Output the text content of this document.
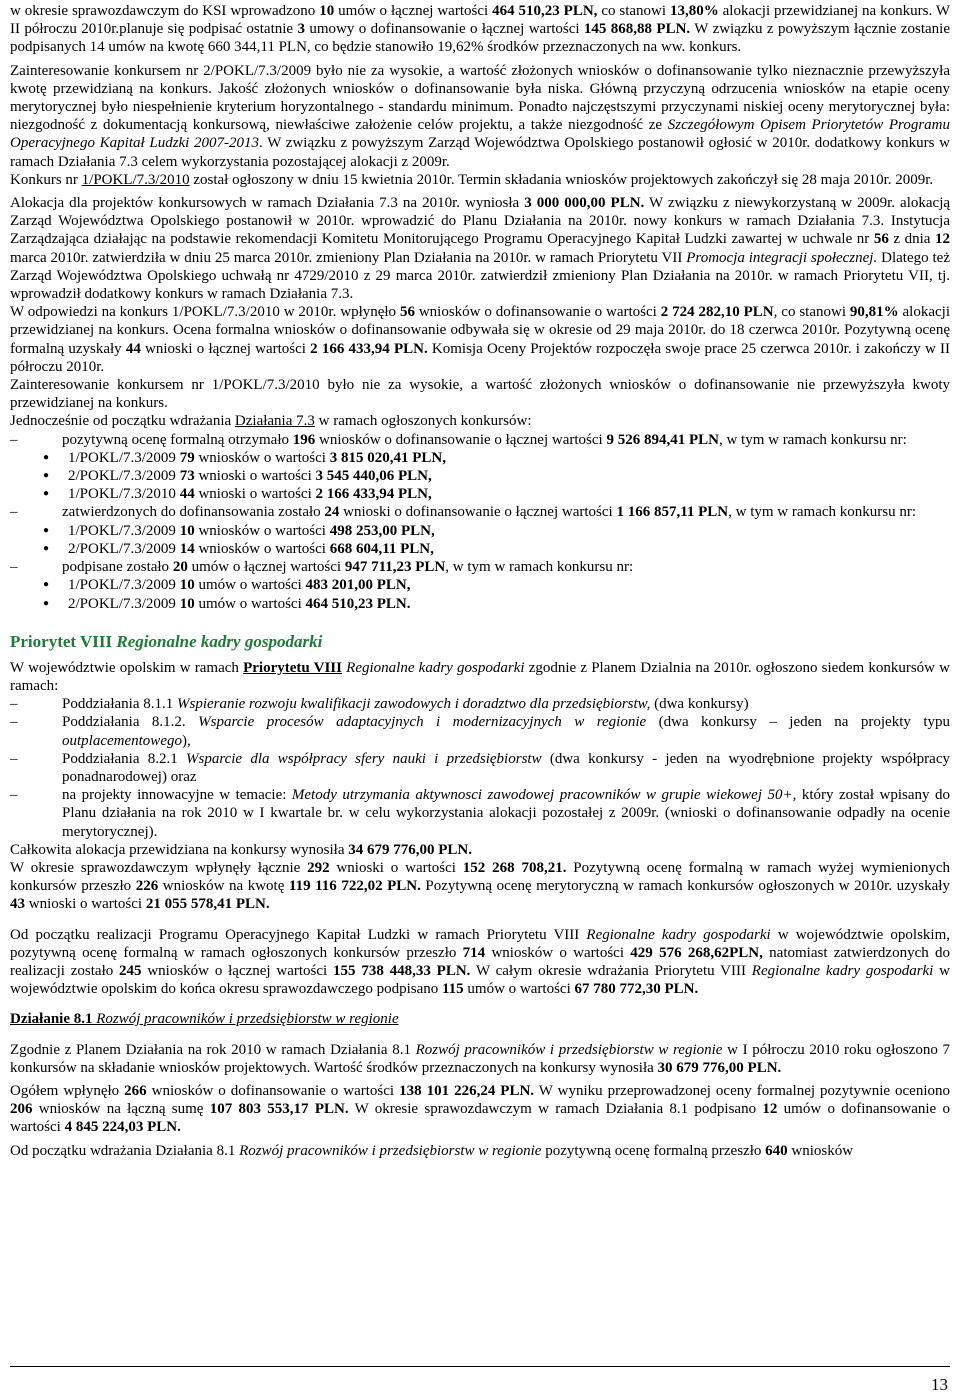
w okresie sprawozdawczym do KSI wprowadzono 10 umów o łącznej wartości 464 510,23 PLN, co stanowi 13,80% alokacji przewidzianej na konkurs. W II półroczu 2010r.planuje się podpisać ostatnie 3 umowy o dofinansowanie o łącznej wartości 145 868,88 PLN. W związku z powyższym łącznie zostanie podpisanych 14 umów na kwotę 660 344,11 PLN, co będzie stanowiło 19,62% środków przeznaczonych na ww. konkurs.

Zainteresowanie konkursem nr 2/POKL/7.3/2009 było nie za wysokie, a wartość złożonych wniosków o dofinansowanie tylko nieznacznie przewyższyła kwotę przewidzianą na konkurs. Jakość złożonych wniosków o dofinansowanie była niska. Główną przyczyną odrzucenia wniosków na etapie oceny merytorycznej było niespełnienie kryterium horyzontalnego - standardu minimum. Ponadto najczęstszymi przyczynami niskiej oceny merytorycznej była: niezgodność z dokumentacją konkursową, niewłaściwe założenie celów projektu, a także niezgodność ze Szczegółowym Opisem Priorytetów Programu Operacyjnego Kapitał Ludzki 2007-2013. W związku z powyższym Zarząd Województwa Opolskiego postanowił ogłosić w 2010r. dodatkowy konkurs w ramach Działania 7.3 celem wykorzystania pozostającej alokacji z 2009r.

Konkurs nr 1/POKL/7.3/2010 został ogłoszony w dniu 15 kwietnia 2010r. Termin składania wniosków projektowych zakończył się 28 maja 2010r. 2009r.

Alokacja dla projektów konkursowych w ramach Działania 7.3 na 2010r. wyniosła 3 000 000,00 PLN. W związku z niewykorzystaną w 2009r. alokacją Zarząd Województwa Opolskiego postanowił w 2010r. wprowadzić do Planu Działania na 2010r. nowy konkurs w ramach Działania 7.3. Instytucja Zarządzająca działając na podstawie rekomendacji Komitetu Monitorującego Programu Operacyjnego Kapitał Ludzki zawartej w uchwale nr 56 z dnia 12 marca 2010r. zatwierdziła w dniu 25 marca 2010r. zmieniony Plan Działania na 2010r. w ramach Priorytetu VII Promocja integracji społecznej. Dlatego też Zarząd Województwa Opolskiego uchwałą nr 4729/2010 z 29 marca 2010r. zatwierdził zmieniony Plan Działania na 2010r. w ramach Priorytetu VII, tj. wprowadził dodatkowy konkurs w ramach Działania 7.3.

W odpowiedzi na konkurs 1/POKL/7.3/2010 w 2010r. wpłynęło 56 wniosków o dofinansowanie o wartości 2 724 282,10 PLN, co stanowi 90,81% alokacji przewidzianej na konkurs. Ocena formalna wniosków o dofinansowanie odbywała się w okresie od 29 maja 2010r. do 18 czerwca 2010r. Pozytywną ocenę formalną uzyskały 44 wnioski o łącznej wartości 2 166 433,94 PLN. Komisja Oceny Projektów rozpoczęła swoje prace 25 czerwca 2010r. i zakończy w II półroczu 2010r.

Zainteresowanie konkursem nr 1/POKL/7.3/2010 było nie za wysokie, a wartość złożonych wniosków o dofinansowanie nie przewyższyła kwoty przewidzianej na konkurs.

Jednocześnie od początku wdrażania Działania 7.3 w ramach ogłoszonych konkursów:

– pozytywną ocenę formalną otrzymało 196 wniosków o dofinansowanie o łącznej wartości 9 526 894,41 PLN, w tym w ramach konkursu nr:
● 1/POKL/7.3/2009 79 wniosków o wartości 3 815 020,41 PLN,
● 2/POKL/7.3/2009 73 wnioski o wartości 3 545 440,06 PLN,
● 1/POKL/7.3/2010 44 wnioski o wartości 2 166 433,94 PLN,
– zatwierdzonych do dofinansowania zostało 24 wnioski o dofinansowanie o łącznej wartości 1 166 857,11 PLN, w tym w ramach konkursu nr:
● 1/POKL/7.3/2009 10 wniosków o wartości 498 253,00 PLN,
● 2/POKL/7.3/2009 14 wniosków o wartości 668 604,11 PLN,
– podpisane zostało 20 umów o łącznej wartości 947 711,23 PLN, w tym w ramach konkursu nr:
● 1/POKL/7.3/2009 10 umów o wartości 483 201,00 PLN,
● 2/POKL/7.3/2009 10 umów o wartości 464 510,23 PLN.
Priorytet VIII Regionalne kadry gospodarki

W województwie opolskim w ramach Priorytetu VIII Regionalne kadry gospodarki zgodnie z Planem Dzialnia na 2010r. ogłoszono siedem konkursów w ramach:

– Poddziałania 8.1.1 Wspieranie rozwoju kwalifikacji zawodowych i doradztwo dla przedsiębiorstw, (dwa konkursy)
– Poddziałania 8.1.2. Wsparcie procesów adaptacyjnych i modernizacyjnych w regionie (dwa konkursy – jeden na projekty typu outplacementowego),
– Poddziałania 8.2.1 Wsparcie dla współpracy sfery nauki i przedsiębiorstw (dwa konkursy - jeden na wyodrębnione projekty współpracy ponadnarodowej) oraz
– na projekty innowacyjne w temacie: Metody utrzymania aktywnosci zawodowej pracowników w grupie wiekowej 50+, który został wpisany do Planu działania na rok 2010 w I kwartale br. w celu wykorzystania alokacji pozostałej z 2009r. (wnioski o dofinansowanie odpadły na ocenie merytorycznej).

Całkowita alokacja przewidziana na konkursy wynosiła 34 679 776,00 PLN.

W okresie sprawozdawczym wpłynęły łącznie 292 wnioski o wartości 152 268 708,21. Pozytywną ocenę formalną w ramach wyżej wymienionych konkursów przeszło 226 wniosków na kwotę 119 116 722,02 PLN. Pozytywną ocenę merytoryczną w ramach konkursów ogłoszonych w 2010r. uzyskały 43 wnioski o wartości 21 055 578,41 PLN.

Od początku realizacji Programu Operacyjnego Kapitał Ludzki w ramach Priorytetu VIII Regionalne kadry gospodarki w województwie opolskim, pozytywną ocenę formalną w ramach ogłoszonych konkursów przeszło 714 wniosków o wartości 429 576 268,62PLN, natomiast zatwierdzonych do realizacji zostało 245 wniosków o łącznej wartości 155 738 448,33 PLN. W całym okresie wdrażania Priorytetu VIII Regionalne kadry gospodarki w województwie opolskim do końca okresu sprawozdawczego podpisano 115 umów o wartości 67 780 772,30 PLN.

Działanie 8.1 Rozwój pracowników i przedsiębiorstw w regionie

Zgodnie z Planem Działania na rok 2010 w ramach Działania 8.1 Rozwój pracowników i przedsiębiorstw w regionie w I półroczu 2010 roku ogłoszono 7 konkursów na składanie wniosków projektowych. Wartość środków przeznaczonych na konkursy wynosiła 30 679 776,00 PLN.

Ogółem wpłynęło 266 wniosków o dofinansowanie o wartości 138 101 226,24 PLN. W wyniku przeprowadzonej oceny formalnej pozytywnie oceniono 206 wniosków na łączną sumę 107 803 553,17 PLN. W okresie sprawozdawczym w ramach Działania 8.1 podpisano 12 umów o dofinansowanie o wartości 4 845 224,03 PLN.

Od początku wdrażania Działania 8.1 Rozwój pracowników i przedsiębiorstw w regionie pozytywną ocenę formalną przeszło 640 wniosków

13
